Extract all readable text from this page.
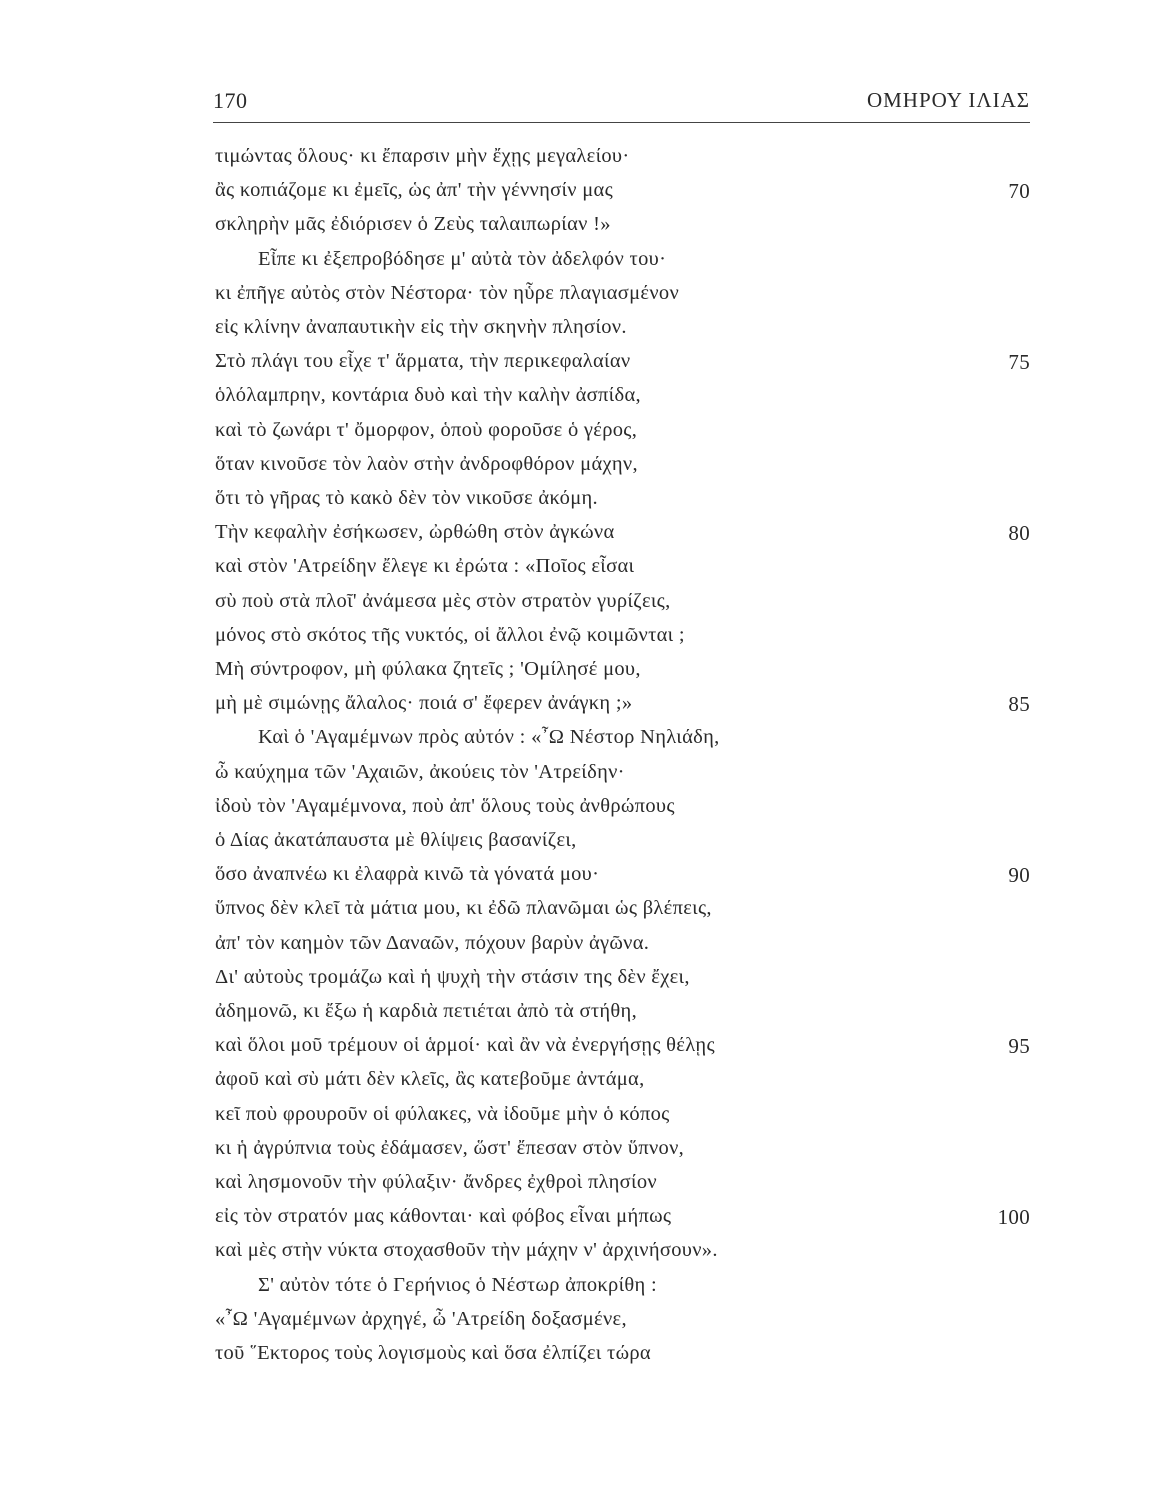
170	ΟΜΗΡΟΥ ΙΛΙΑΣ
τιμώντας ὅλους· κι ἔπαρσιν μὴν ἔχῃς μεγαλείου·
ἂς κοπιάζομε κι ἐμεῖς, ὡς ἀπ' τὴν γέννησίν μας	70
σκληρὴν μᾶς ἐδιόρισεν ὁ Ζεὺς ταλαιπωρίαν !»
Εἶπε κι ἐξεπροβόδησε μ' αὐτὰ τὸν ἀδελφόν του·
κι ἐπῆγε αὐτὸς στὸν Νέστορα· τὸν ηὗρε πλαγιασμένον
εἰς κλίνην ἀναπαυτικὴν εἰς τὴν σκηνὴν πλησίον.
Στὸ πλάγι του εἶχε τ' ἅρματα, τὴν περικεφαλαίαν	75
ὁλόλαμπρην, κοντάρια δυὸ καὶ τὴν καλὴν ἀσπίδα,
καὶ τὸ ζωνάρι τ' ὄμορφον, ὁποὺ φοροῦσε ὁ γέρος,
ὅταν κινοῦσε τὸν λαὸν στὴν ἀνδροφθόρον μάχην,
ὅτι τὸ γῆρας τὸ κακὸ δὲν τὸν νικοῦσε ἀκόμη.
Τὴν κεφαλὴν ἐσήκωσεν, ὠρθώθη στὸν ἀγκώνα	80
καὶ στὸν 'Ατρείδην ἔλεγε κι ἐρώτα : «Ποῖος εἶσαι
σὺ ποὺ στὰ πλοῖ' ἀνάμεσα μὲς στὸν στρατὸν γυρίζεις,
μόνος στὸ σκότος τῆς νυκτός, οἱ ἄλλοι ἐνῷ κοιμῶνται ;
Μὴ σύντροφον, μὴ φύλακα ζητεῖς ; 'Ομίλησέ μου,
μὴ μὲ σιμώνῃς ἄλαλος· ποιά σ' ἔφερεν ἀνάγκη ;»	85
Καὶ ὁ 'Αγαμέμνων πρὸς αὐτόν : «῏Ω Νέστορ Νηλιάδη,
ὦ καύχημα τῶν 'Αχαιῶν, ἀκούεις τὸν 'Ατρείδην·
ἰδοὺ τὸν 'Αγαμέμνονα, ποὺ ἀπ' ὅλους τοὺς ἀνθρώπους
ὁ Δίας ἀκατάπαυστα μὲ θλίψεις βασανίζει,
ὅσο ἀναπνέω κι ἐλαφρὰ κινῶ τὰ γόνατά μου·	90
ὕπνος δὲν κλεῖ τὰ μάτια μου, κι ἐδῶ πλανῶμαι ὡς βλέπεις,
ἀπ' τὸν καημὸν τῶν Δαναῶν, πόχουν βαρὺν ἀγῶνα.
Δι' αὐτοὺς τρομάζω καὶ ἡ ψυχὴ τὴν στάσιν της δὲν ἔχει,
ἀδημονῶ, κι ἔξω ἡ καρδιὰ πετιέται ἀπὸ τὰ στήθη,
καὶ ὅλοι μοῦ τρέμουν οἱ ἁρμοί· καὶ ἂν νὰ ἐνεργήσῃς θέλῃς	95
ἀφοῦ καὶ σὺ μάτι δὲν κλεῖς, ἂς κατεβοῦμε ἀντάμα,
κεῖ ποὺ φρουροῦν οἱ φύλακες, νὰ ἰδοῦμε μὴν ὁ κόπος
κι ἡ ἀγρύπνια τοὺς ἐδάμασεν, ὥστ' ἔπεσαν στὸν ὕπνον,
καὶ λησμονοῦν τὴν φύλαξιν· ἄνδρες ἐχθροὶ πλησίον
εἰς τὸν στρατόν μας κάθονται· καὶ φόβος εἶναι μήπως	100
καὶ μὲς στὴν νύκτα στοχασθοῦν τὴν μάχην ν' ἀρχινήσουν».
Σ' αὐτὸν τότε ὁ Γερήνιος ὁ Νέστωρ ἀποκρίθη :
«῏Ω 'Αγαμέμνων ἀρχηγέ, ὦ 'Ατρείδη δοξασμένε,
τοῦ ῞Εκτορος τοὺς λογισμοὺς καὶ ὅσα ἐλπίζει τώρα
